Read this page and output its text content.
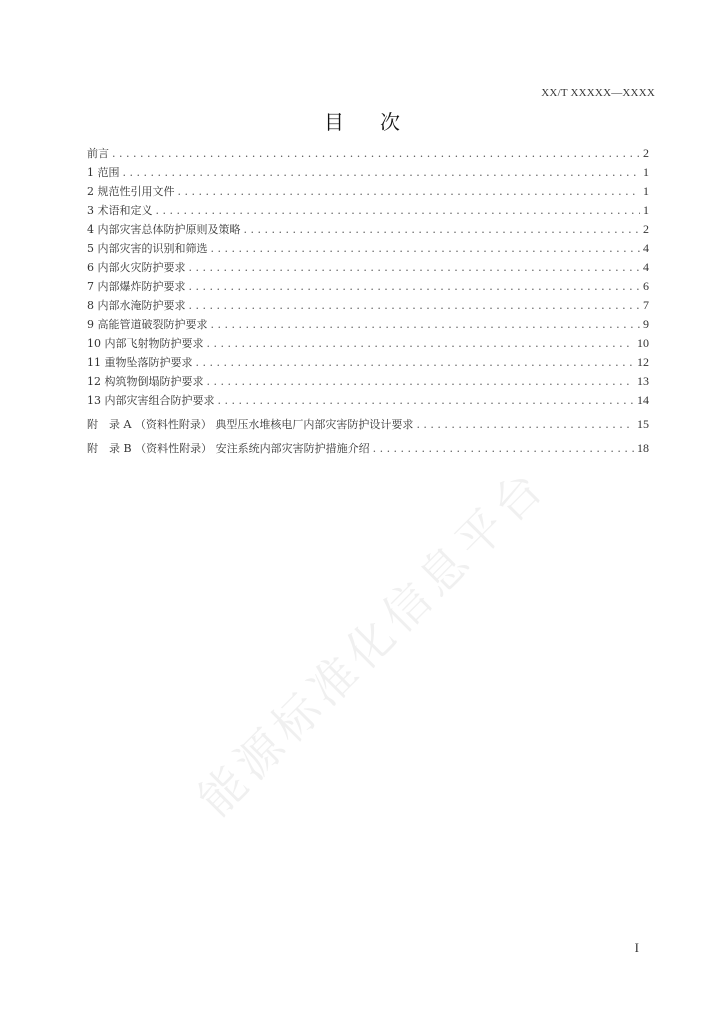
XX/T XXXXX—XXXX
目次
前言 . . .	2
1 范围 . . .	1
2 规范性引用文件 . . .	1
3 术语和定义 . . .	1
4 内部灾害总体防护原则及策略 . . .	2
5 内部灾害的识别和筛选 . . .	4
6 内部火灾防护要求 . . .	4
7 内部爆炸防护要求 . . .	6
8 内部水淹防护要求 . . .	7
9 高能管道破裂防护要求 . . .	9
10 内部飞射物防护要求 . . .	10
11 重物坠落防护要求 . . .	12
12 构筑物倒塌防护要求 . . .	13
13 内部灾害组合防护要求 . . .	14
附　录 A （资料性附录） 典型压水堆核电厂内部灾害防护设计要求 . . .	15
附　录 B （资料性附录） 安注系统内部灾害防护措施介绍 . . .	18
能源标准化信息平台
I
